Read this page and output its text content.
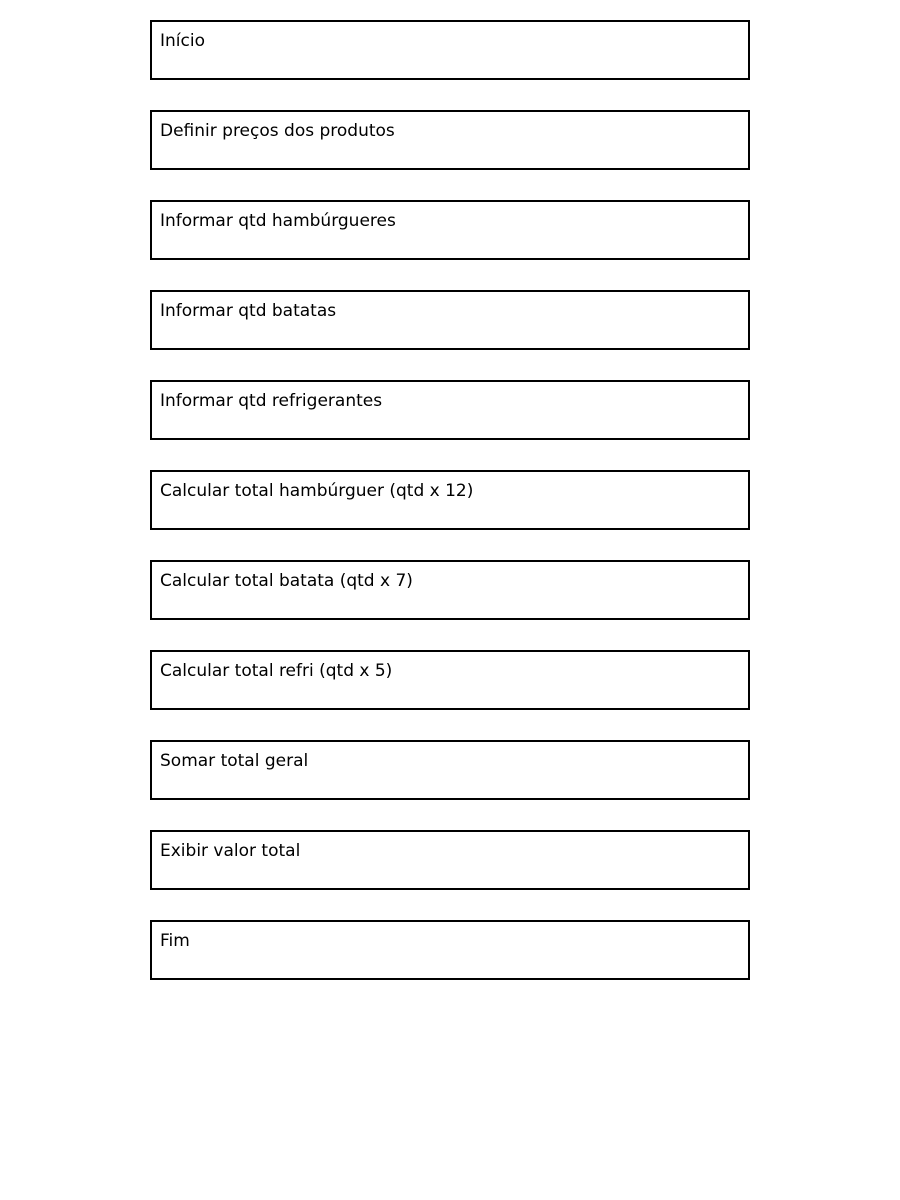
Início
Definir preços dos produtos
Informar qtd hambúrgueres
Informar qtd batatas
Informar qtd refrigerantes
Calcular total hambúrguer (qtd x 12)
Calcular total batata (qtd x 7)
Calcular total refri (qtd x 5)
Somar total geral
Exibir valor total
Fim
